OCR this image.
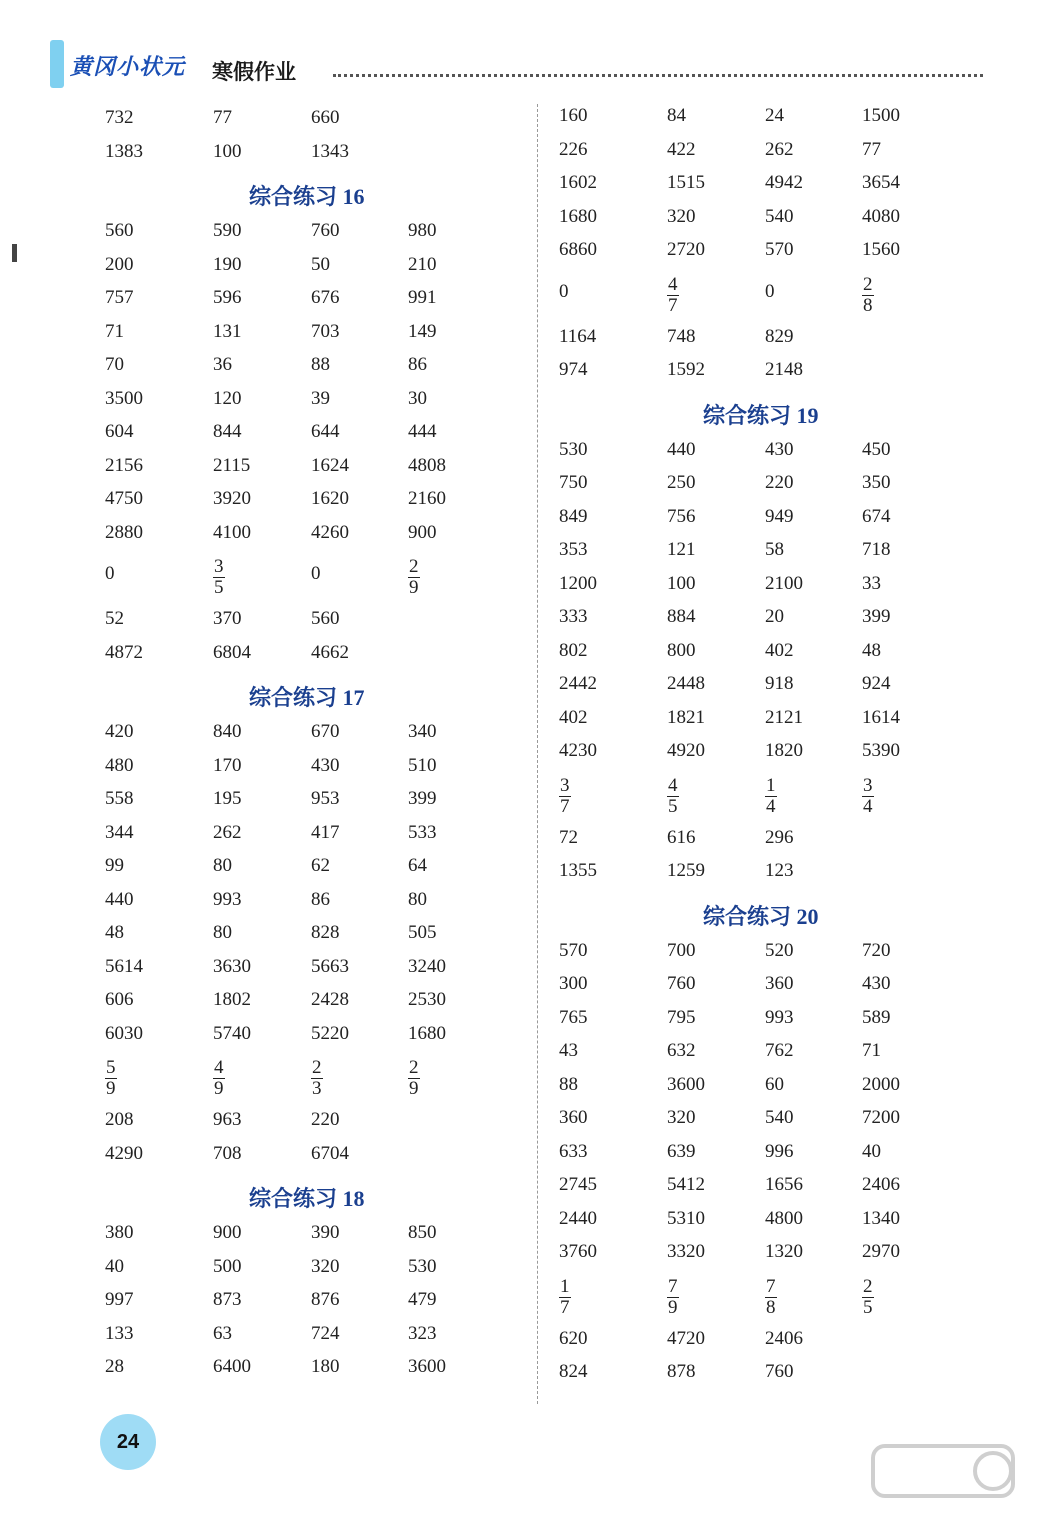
黄冈小状元 寒假作业
732	77	660
1383	100	1343
综合练习 16
560	590	760	980
200	190	50	210
757	596	676	991
71	131	703	149
70	36	88	86
3500	120	39	30
604	844	644	444
2156	2115	1624	4808
4750	3920	1620	2160
2880	4100	4260	900
0	$\frac{3}{5}$	0	$\frac{2}{9}$
52	370	560
4872	6804	4662
综合练习 17
420	840	670	340
480	170	430	510
558	195	953	399
344	262	417	533
99	80	62	64
440	993	86	80
48	80	828	505
5614	3630	5663	3240
606	1802	2428	2530
6030	5740	5220	1680
$\frac{5}{9}$	$\frac{4}{9}$	$\frac{2}{3}$	$\frac{2}{9}$
208	963	220
4290	708	6704
综合练习 18
380	900	390	850
40	500	320	530
997	873	876	479
133	63	724	323
28	6400	180	3600
160	84	24	1500
226	422	262	77
1602	1515	4942	3654
1680	320	540	4080
6860	2720	570	1560
0	$\frac{4}{7}$	0	$\frac{2}{8}$
1164	748	829
974	1592	2148
综合练习 19
530	440	430	450
750	250	220	350
849	756	949	674
353	121	58	718
1200	100	2100	33
333	884	20	399
802	800	402	48
2442	2448	918	924
402	1821	2121	1614
4230	4920	1820	5390
$\frac{3}{7}$	$\frac{4}{5}$	$\frac{1}{4}$	$\frac{3}{4}$
72	616	296
1355	1259	123
综合练习 20
570	700	520	720
300	760	360	430
765	795	993	589
43	632	762	71
88	3600	60	2000
360	320	540	7200
633	639	996	40
2745	5412	1656	2406
2440	5310	4800	1340
3760	3320	1320	2970
$\frac{1}{7}$	$\frac{7}{9}$	$\frac{7}{8}$	$\frac{2}{5}$
620	4720	2406
824	878	760
24
